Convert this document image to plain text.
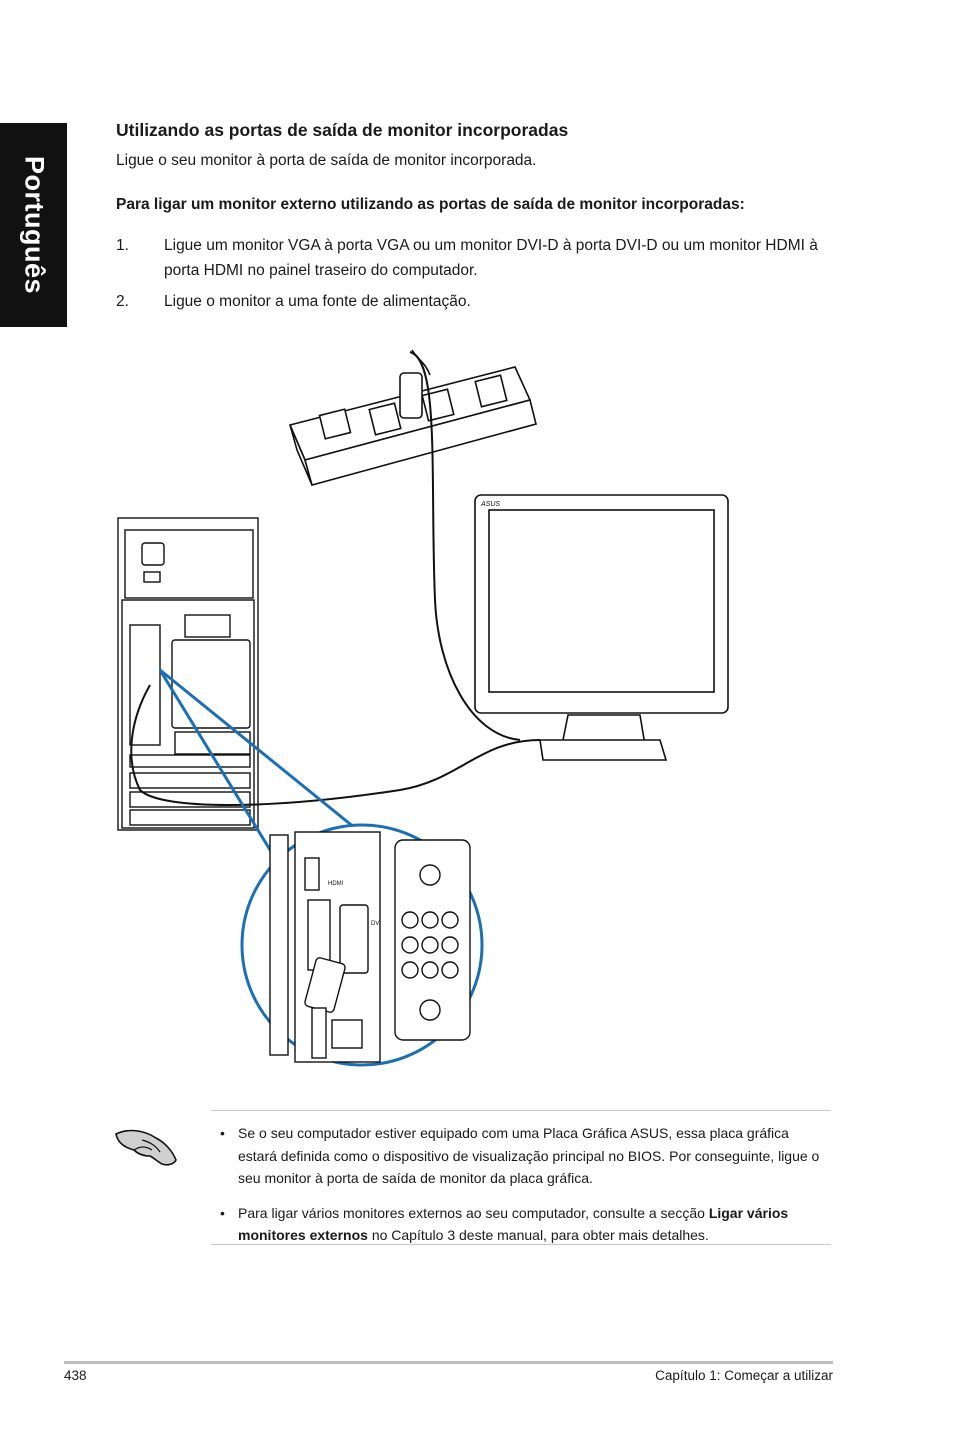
Português
Utilizando as portas de saída de monitor incorporadas

Ligue o seu monitor à porta de saída de monitor incorporada.

Para ligar um monitor externo utilizando as portas de saída de monitor incorporadas:
1.	Ligue um monitor VGA à porta VGA ou um monitor DVI-D à porta DVI-D ou um monitor HDMI à porta HDMI no painel traseiro do computador.
2.	Ligue o monitor a uma fonte de alimentação.
ASUS
HDMI
DVI
• Se o seu computador estiver equipado com uma Placa Gráfica ASUS, essa placa gráfica estará definida como o dispositivo de visualização principal no BIOS. Por conseguinte, ligue o seu monitor à porta de saída de monitor da placa gráfica.
• Para ligar vários monitores externos ao seu computador, consulte a secção Ligar vários monitores externos no Capítulo 3 deste manual, para obter mais detalhes.
438	Capítulo 1: Começar a utilizar
